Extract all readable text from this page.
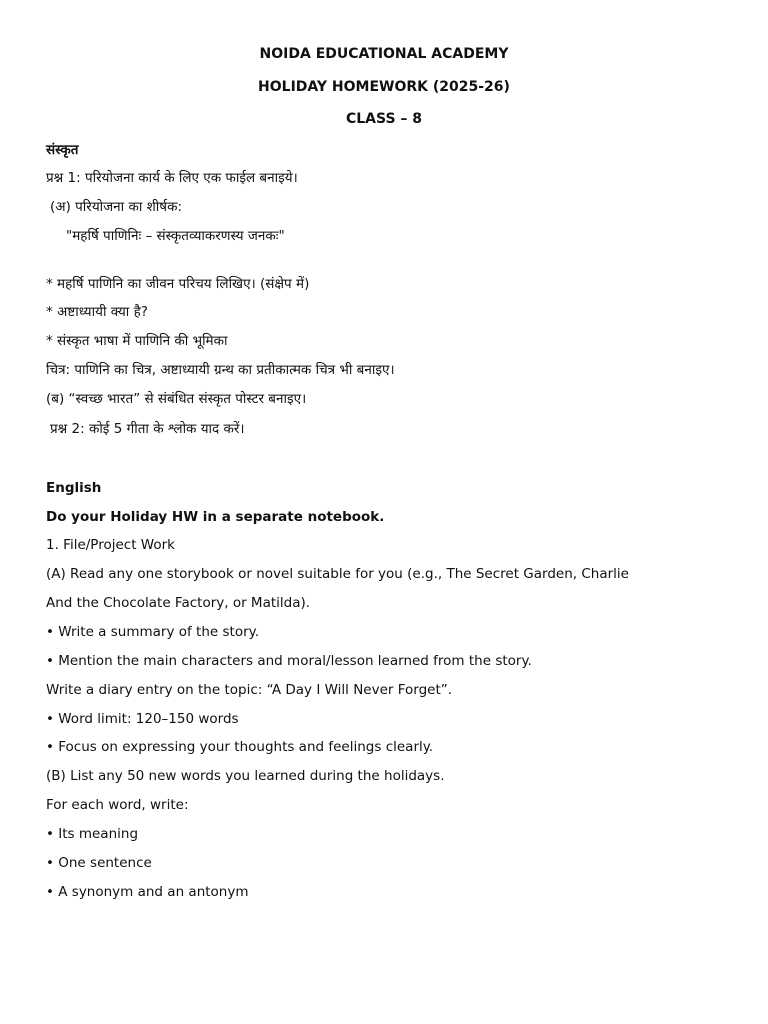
NOIDA EDUCATIONAL ACADEMY
HOLIDAY HOMEWORK (2025-26)
CLASS – 8
संस्कृत
प्रश्न 1: परियोजना कार्य के लिए एक फाईल बनाइये।
(अ) परियोजना का शीर्षक:
"महर्षि पाणिनिः – संस्कृतव्याकरणस्य जनकः"
* महर्षि पाणिनि का जीवन परिचय लिखिए। (संक्षेप में)
* अष्टाध्यायी क्या है?
* संस्कृत भाषा में पाणिनि की भूमिका
चित्र: पाणिनि का चित्र, अष्टाध्यायी ग्रन्थ का प्रतीकात्मक चित्र भी बनाइए।
(ब) “स्वच्छ भारत” से संबंधित संस्कृत पोस्टर बनाइए।
प्रश्न 2: कोई 5 गीता के श्लोक याद करें।
English
Do your Holiday HW in a separate notebook.
1. File/Project Work
(A) Read any one storybook or novel suitable for you (e.g., The Secret Garden, Charlie
And the Chocolate Factory, or Matilda).
• Write a summary of the story.
• Mention the main characters and moral/lesson learned from the story.
Write a diary entry on the topic: “A Day I Will Never Forget”.
• Word limit: 120–150 words
• Focus on expressing your thoughts and feelings clearly.
(B) List any 50 new words you learned during the holidays.
For each word, write:
• Its meaning
• One sentence
• A synonym and an antonym
